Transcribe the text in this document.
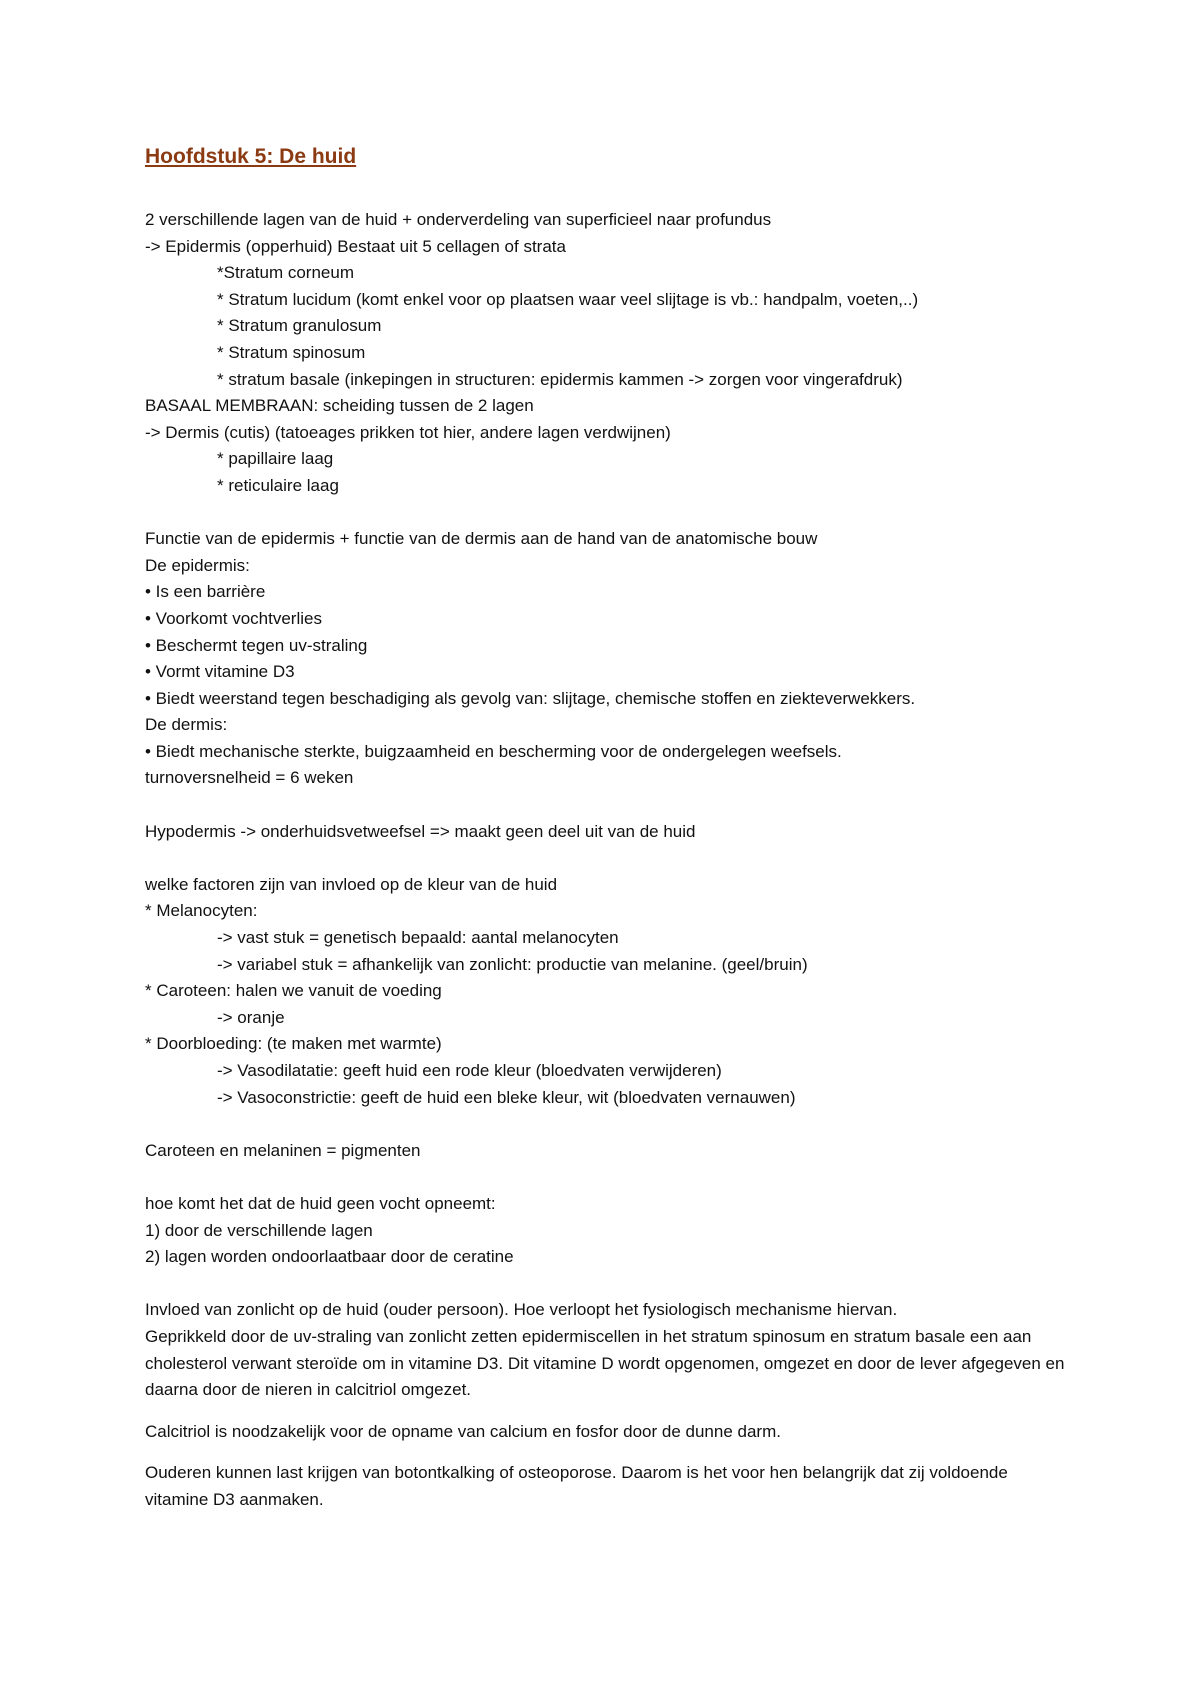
Hoofdstuk 5: De huid
2 verschillende lagen van de huid + onderverdeling van superficieel naar profundus
-> Epidermis (opperhuid) Bestaat uit 5 cellagen of strata
*Stratum corneum
* Stratum lucidum (komt enkel voor op plaatsen waar veel slijtage is vb.: handpalm, voeten,..)
* Stratum granulosum
* Stratum spinosum
* stratum basale (inkepingen in structuren: epidermis kammen -> zorgen voor vingerafdruk)
BASAAL MEMBRAAN: scheiding tussen de 2 lagen
-> Dermis (cutis) (tatoeages prikken tot hier, andere lagen verdwijnen)
* papillaire laag
* reticulaire laag
Functie van de epidermis + functie van de dermis aan de hand van de anatomische bouw
De epidermis:
• Is een barrière
• Voorkomt vochtverlies
• Beschermt tegen uv-straling
• Vormt vitamine D3
• Biedt weerstand tegen beschadiging als gevolg van: slijtage, chemische stoffen en ziekteverwekkers.
De dermis:
• Biedt mechanische sterkte, buigzaamheid en bescherming voor de ondergelegen weefsels.
turnoversnelheid = 6 weken
Hypodermis -> onderhuidsvetweefsel => maakt geen deel uit van de huid
welke factoren zijn van invloed op de kleur van de huid
* Melanocyten:
-> vast stuk = genetisch bepaald: aantal melanocyten
-> variabel stuk = afhankelijk van zonlicht: productie van melanine. (geel/bruin)
* Caroteen: halen we vanuit de voeding
-> oranje
* Doorbloeding: (te maken met warmte)
-> Vasodilatatie: geeft huid een rode kleur (bloedvaten verwijderen)
-> Vasoconstrictie: geeft de huid een bleke kleur, wit (bloedvaten vernauwen)
Caroteen en melaninen = pigmenten
hoe komt het dat de huid geen vocht opneemt:
1) door de verschillende lagen
2) lagen worden ondoorlaatbaar door de ceratine
Invloed van zonlicht op de huid (ouder persoon). Hoe verloopt het fysiologisch mechanisme hiervan.
Geprikkeld door de uv-straling van zonlicht zetten epidermiscellen in het stratum spinosum en stratum basale een aan cholesterol verwant steroïde om in vitamine D3. Dit vitamine D wordt opgenomen, omgezet en door de lever afgegeven en daarna door de nieren in calcitriol omgezet.
Calcitriol is noodzakelijk voor de opname van calcium en fosfor door de dunne darm.
Ouderen kunnen last krijgen van botontkalking of osteoporose. Daarom is het voor hen belangrijk dat zij voldoende vitamine D3 aanmaken.
